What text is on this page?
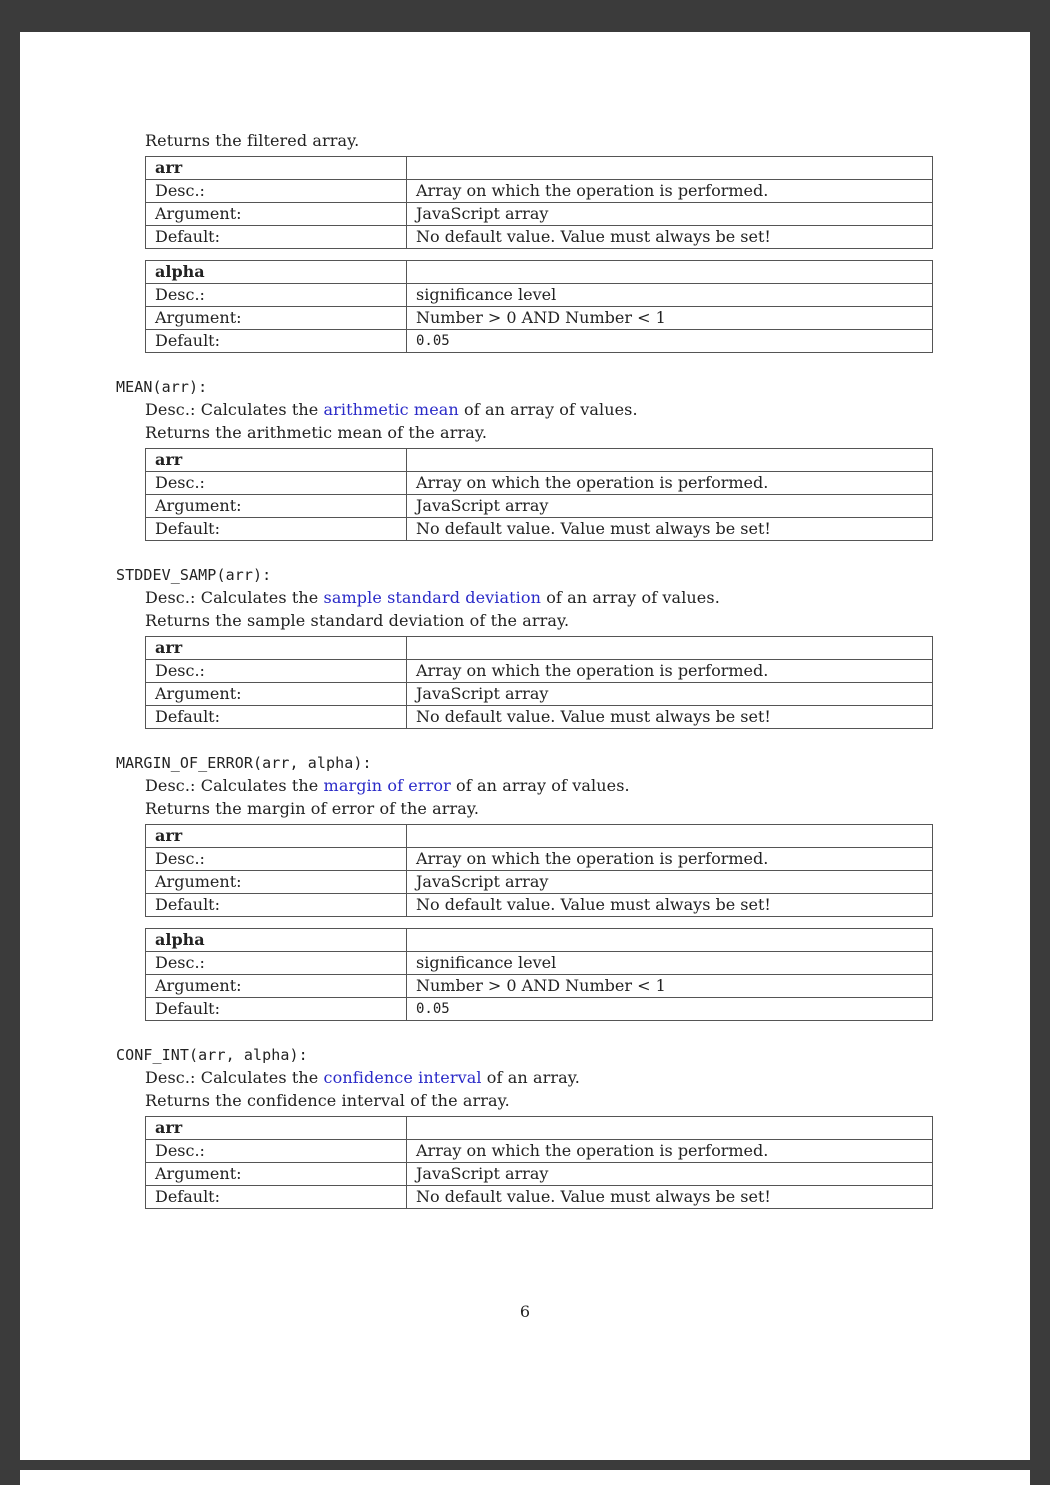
Returns the filtered array.
arr	
Desc.:	Array on which the operation is performed.
Argument:	JavaScript array
Default:	No default value. Value must always be set!
alpha	
Desc.:	significance level
Argument:	Number > 0 AND Number < 1
Default:	0.05
MEAN(arr):
Desc.: Calculates the arithmetic mean of an array of values.
Returns the arithmetic mean of the array.
arr	
Desc.:	Array on which the operation is performed.
Argument:	JavaScript array
Default:	No default value. Value must always be set!
STDDEV_SAMP(arr):
Desc.: Calculates the sample standard deviation of an array of values.
Returns the sample standard deviation of the array.
arr	
Desc.:	Array on which the operation is performed.
Argument:	JavaScript array
Default:	No default value. Value must always be set!
MARGIN_OF_ERROR(arr, alpha):
Desc.: Calculates the margin of error of an array of values.
Returns the margin of error of the array.
arr	
Desc.:	Array on which the operation is performed.
Argument:	JavaScript array
Default:	No default value. Value must always be set!
alpha	
Desc.:	significance level
Argument:	Number > 0 AND Number < 1
Default:	0.05
CONF_INT(arr, alpha):
Desc.: Calculates the confidence interval of an array.
Returns the confidence interval of the array.
arr	
Desc.:	Array on which the operation is performed.
Argument:	JavaScript array
Default:	No default value. Value must always be set!
6
